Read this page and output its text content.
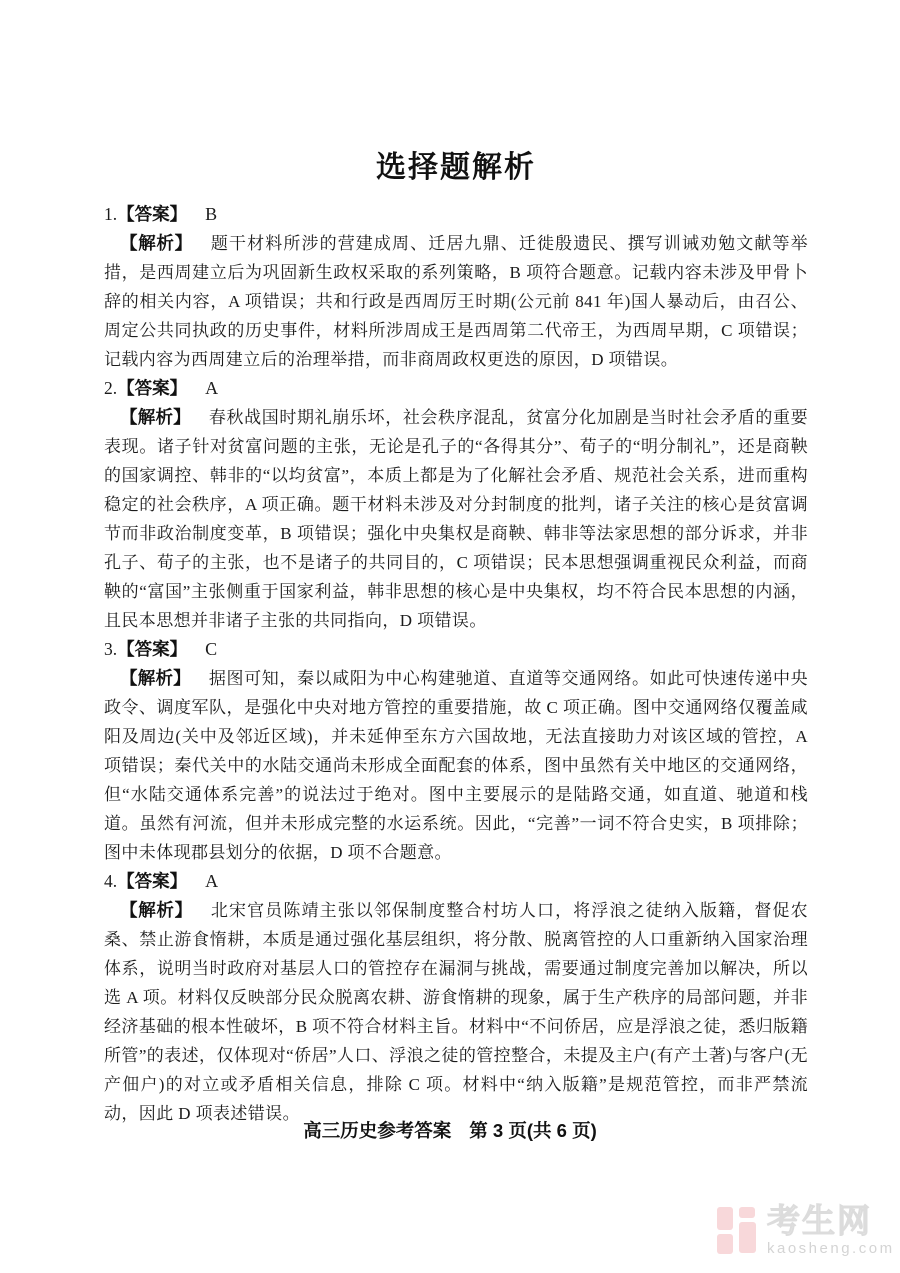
选择题解析
1.【答案】 B

【解析】 题干材料所涉的营建成周、迁居九鼎、迁徙殷遗民、撰写训诫劝勉文献等举措，是西周建立后为巩固新生政权采取的系列策略，B 项符合题意。记载内容未涉及甲骨卜辞的相关内容，A 项错误；共和行政是西周厉王时期(公元前 841 年)国人暴动后，由召公、周定公共同执政的历史事件，材料所涉周成王是西周第二代帝王，为西周早期，C 项错误；记载内容为西周建立后的治理举措，而非商周政权更迭的原因，D 项错误。

2.【答案】 A

【解析】 春秋战国时期礼崩乐坏，社会秩序混乱，贫富分化加剧是当时社会矛盾的重要表现。诸子针对贫富问题的主张，无论是孔子的“各得其分”、荀子的“明分制礼”，还是商鞅的国家调控、韩非的“以均贫富”，本质上都是为了化解社会矛盾、规范社会关系，进而重构稳定的社会秩序，A 项正确。题干材料未涉及对分封制度的批判，诸子关注的核心是贫富调节而非政治制度变革，B 项错误；强化中央集权是商鞅、韩非等法家思想的部分诉求，并非孔子、荀子的主张，也不是诸子的共同目的，C 项错误；民本思想强调重视民众利益，而商鞅的“富国”主张侧重于国家利益，韩非思想的核心是中央集权，均不符合民本思想的内涵，且民本思想并非诸子主张的共同指向，D 项错误。

3.【答案】 C

【解析】 据图可知，秦以咸阳为中心构建驰道、直道等交通网络。如此可快速传递中央政令、调度军队，是强化中央对地方管控的重要措施，故 C 项正确。图中交通网络仅覆盖咸阳及周边(关中及邻近区域)，并未延伸至东方六国故地，无法直接助力对该区域的管控，A 项错误；秦代关中的水陆交通尚未形成全面配套的体系，图中虽然有关中地区的交通网络，但“水陆交通体系完善”的说法过于绝对。图中主要展示的是陆路交通，如直道、驰道和栈道。虽然有河流，但并未形成完整的水运系统。因此，“完善”一词不符合史实，B 项排除；图中未体现郡县划分的依据，D 项不合题意。

4.【答案】 A

【解析】 北宋官员陈靖主张以邻保制度整合村坊人口，将浮浪之徒纳入版籍，督促农桑、禁止游食惰耕，本质是通过强化基层组织，将分散、脱离管控的人口重新纳入国家治理体系，说明当时政府对基层人口的管控存在漏洞与挑战，需要通过制度完善加以解决，所以选 A 项。材料仅反映部分民众脱离农耕、游食惰耕的现象，属于生产秩序的局部问题，并非经济基础的根本性破坏，B 项不符合材料主旨。材料中“不问侨居，应是浮浪之徒，悉归版籍所管”的表述，仅体现对“侨居”人口、浮浪之徒的管控整合，未提及主户(有产土著)与客户(无产佃户)的对立或矛盾相关信息，排除 C 项。材料中“纳入版籍”是规范管控，而非严禁流动，因此 D 项表述错误。

高三历史参考答案 第 3 页(共 6 页)
考生网
kaosheng.com
